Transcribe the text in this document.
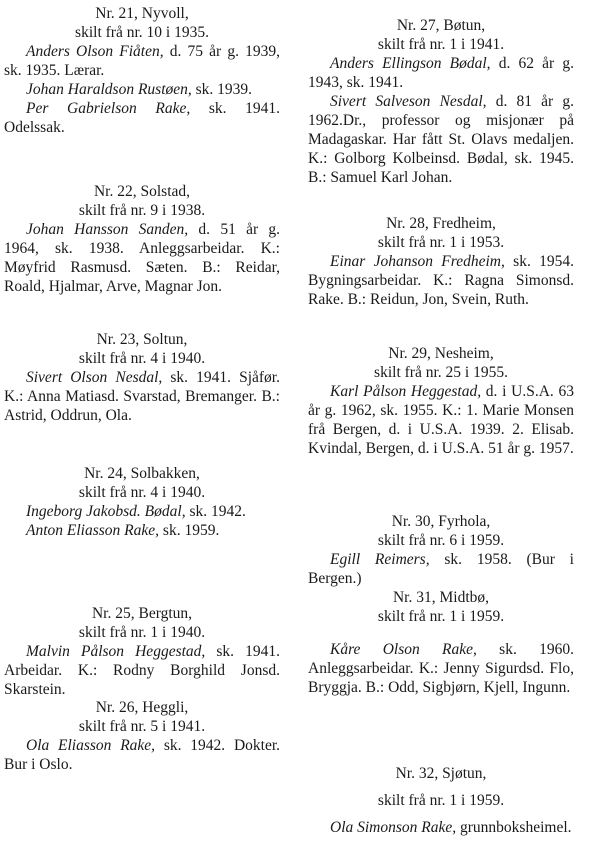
Nr. 21, Nyvoll,
skilt frå nr. 10 i 1935.

Anders Olson Fiåten, d. 75 år g. 1939, sk. 1935. Lærar.

Johan Haraldson Rustøen, sk. 1939.

Per Gabrielson Rake, sk. 1941. Odelssak.

Nr. 22, Solstad,
skilt frå nr. 9 i 1938.

Johan Hansson Sanden, d. 51 år g. 1964, sk. 1938. Anleggsarbeidar. K.: Møyfrid Rasmusd. Sæten. B.: Reidar, Roald, Hjalmar, Arve, Magnar Jon.

Nr. 23, Soltun,
skilt frå nr. 4 i 1940.

Sivert Olson Nesdal, sk. 1941. Sjåfør. K.: Anna Matiasd. Svarstad, Bremanger. B.: Astrid, Oddrun, Ola.

Nr. 24, Solbakken,
skilt frå nr. 4 i 1940.

Ingeborg Jakobsd. Bødal, sk. 1942.

Anton Eliasson Rake, sk. 1959.

Nr. 25, Bergtun,
skilt frå nr. 1 i 1940.

Malvin Pålson Heggestad, sk. 1941. Arbeidar. K.: Rodny Borghild Jonsd. Skarstein.

Nr. 26, Heggli,
skilt frå nr. 5 i 1941.

Ola Eliasson Rake, sk. 1942. Dokter. Bur i Oslo.

Nr. 27, Bøtun,
skilt frå nr. 1 i 1941.

Anders Ellingson Bødal, d. 62 år g. 1943, sk. 1941.

Sivert Salveson Nesdal, d. 81 år g. 1962.Dr., professor og misjonær på Madagaskar. Har fått St. Olavs medaljen. K.: Golborg Kolbeinsd. Bødal, sk. 1945. B.: Samuel Karl Johan.

Nr. 28, Fredheim,
skilt frå nr. 1 i 1953.

Einar Johanson Fredheim, sk. 1954. Bygningsarbeidar. K.: Ragna Simonsd. Rake. B.: Reidun, Jon, Svein, Ruth.

Nr. 29, Nesheim,
skilt frå nr. 25 i 1955.

Karl Pålson Heggestad, d. i U.S.A. 63 år g. 1962, sk. 1955. K.: 1. Marie Monsen frå Bergen, d. i U.S.A. 1939. 2. Elisab. Kvindal, Bergen, d. i U.S.A. 51 år g. 1957.

Nr. 30, Fyrhola,
skilt frå nr. 6 i 1959.

Egill Reimers, sk. 1958. (Bur i Bergen.)

Nr. 31, Midtbø,
skilt frå nr. 1 i 1959.

Kåre Olson Rake, sk. 1960. Anleggsarbeidar. K.: Jenny Sigurdsd. Flo, Bryggja. B.: Odd, Sigbjørn, Kjell, Ingunn.

Nr. 32, Sjøtun,
skilt frå nr. 1 i 1959.

Ola Simonson Rake, grunnboksheimel.
